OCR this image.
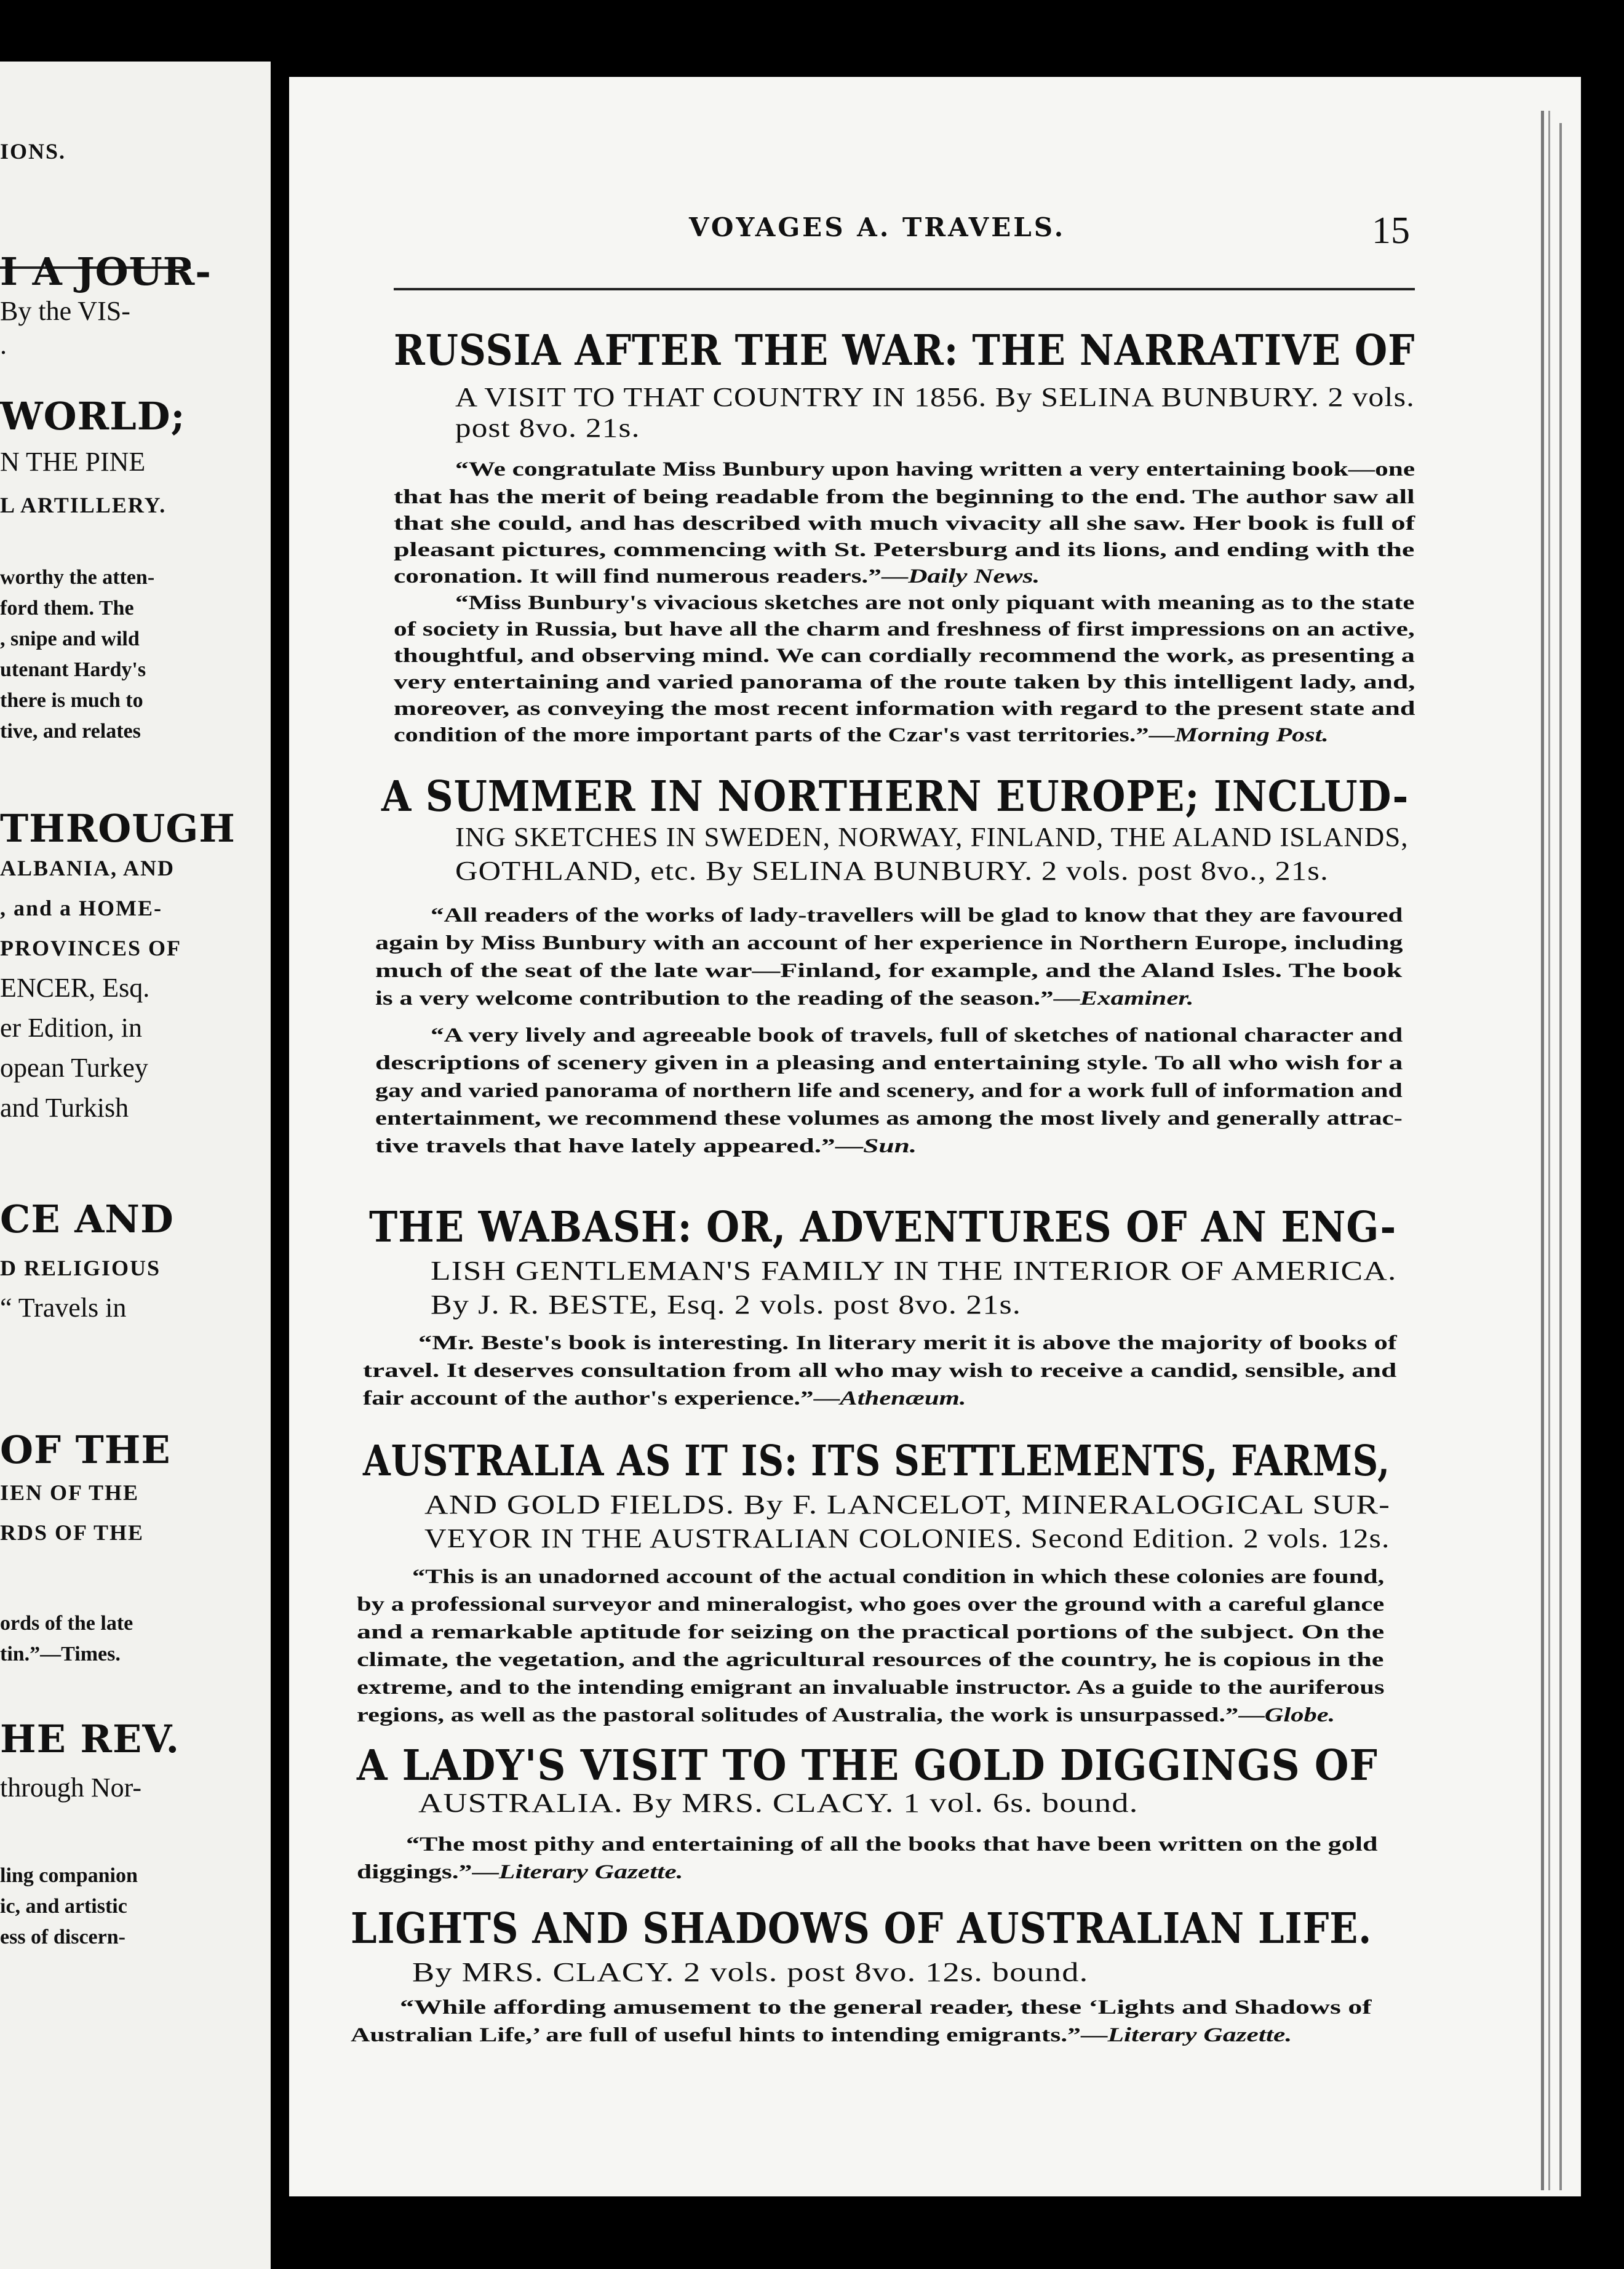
IONS.
I A JOUR-
By the VIS-
.
WORLD;
N THE PINE
L ARTILLERY.
worthy the atten-
ford them. The
, snipe and wild
utenant Hardy's
there is much to
tive, and relates
THROUGH
ALBANIA, AND
, and a HOME-
PROVINCES OF
ENCER, Esq.
er Edition, in
opean Turkey
and Turkish
CE AND
D RELIGIOUS
“ Travels in
OF THE
IEN OF THE
RDS OF THE
ords of the late
tin.”—Times.
HE REV.
through Nor-
ling companion
ic, and artistic
ess of discern-
VOYAGES A. TRAVELS.	15
RUSSIA AFTER THE WAR: THE NARRATIVE OF
A VISIT TO THAT COUNTRY IN 1856. By SELINA BUNBURY. 2 vols.
post 8vo. 21s.
“We congratulate Miss Bunbury upon having written a very entertaining book—one
that has the merit of being readable from the beginning to the end. The author saw all
that she could, and has described with much vivacity all she saw. Her book is full of
pleasant pictures, commencing with St. Petersburg and its lions, and ending with the
coronation. It will find numerous readers.”—Daily News.
“Miss Bunbury's vivacious sketches are not only piquant with meaning as to the state
of society in Russia, but have all the charm and freshness of first impressions on an active,
thoughtful, and observing mind. We can cordially recommend the work, as presenting a
very entertaining and varied panorama of the route taken by this intelligent lady, and,
moreover, as conveying the most recent information with regard to the present state and
condition of the more important parts of the Czar's vast territories.”—Morning Post.
A SUMMER IN NORTHERN EUROPE; INCLUD-
ING SKETCHES IN SWEDEN, NORWAY, FINLAND, THE ALAND ISLANDS,
GOTHLAND, etc. By SELINA BUNBURY. 2 vols. post 8vo., 21s.
“All readers of the works of lady-travellers will be glad to know that they are favoured
again by Miss Bunbury with an account of her experience in Northern Europe, including
much of the seat of the late war—Finland, for example, and the Aland Isles. The book
is a very welcome contribution to the reading of the season.”—Examiner.
“A very lively and agreeable book of travels, full of sketches of national character and
descriptions of scenery given in a pleasing and entertaining style. To all who wish for a
gay and varied panorama of northern life and scenery, and for a work full of information and
entertainment, we recommend these volumes as among the most lively and generally attrac-
tive travels that have lately appeared.”—Sun.
THE WABASH: OR, ADVENTURES OF AN ENG-
LISH GENTLEMAN'S FAMILY IN THE INTERIOR OF AMERICA.
By J. R. BESTE, Esq. 2 vols. post 8vo. 21s.
“Mr. Beste's book is interesting. In literary merit it is above the majority of books of
travel. It deserves consultation from all who may wish to receive a candid, sensible, and
fair account of the author's experience.”—Athenæum.
AUSTRALIA AS IT IS: ITS SETTLEMENTS, FARMS,
AND GOLD FIELDS. By F. LANCELOT, MINERALOGICAL SUR-
VEYOR IN THE AUSTRALIAN COLONIES. Second Edition. 2 vols. 12s.
“This is an unadorned account of the actual condition in which these colonies are found,
by a professional surveyor and mineralogist, who goes over the ground with a careful glance
and a remarkable aptitude for seizing on the practical portions of the subject. On the
climate, the vegetation, and the agricultural resources of the country, he is copious in the
extreme, and to the intending emigrant an invaluable instructor. As a guide to the auriferous
regions, as well as the pastoral solitudes of Australia, the work is unsurpassed.”—Globe.
A LADY'S VISIT TO THE GOLD DIGGINGS OF
AUSTRALIA. By MRS. CLACY. 1 vol. 6s. bound.
“The most pithy and entertaining of all the books that have been written on the gold
diggings.”—Literary Gazette.
LIGHTS AND SHADOWS OF AUSTRALIAN LIFE.
By MRS. CLACY. 2 vols. post 8vo. 12s. bound.
“While affording amusement to the general reader, these ‘Lights and Shadows of
Australian Life,’ are full of useful hints to intending emigrants.”—Literary Gazette.
